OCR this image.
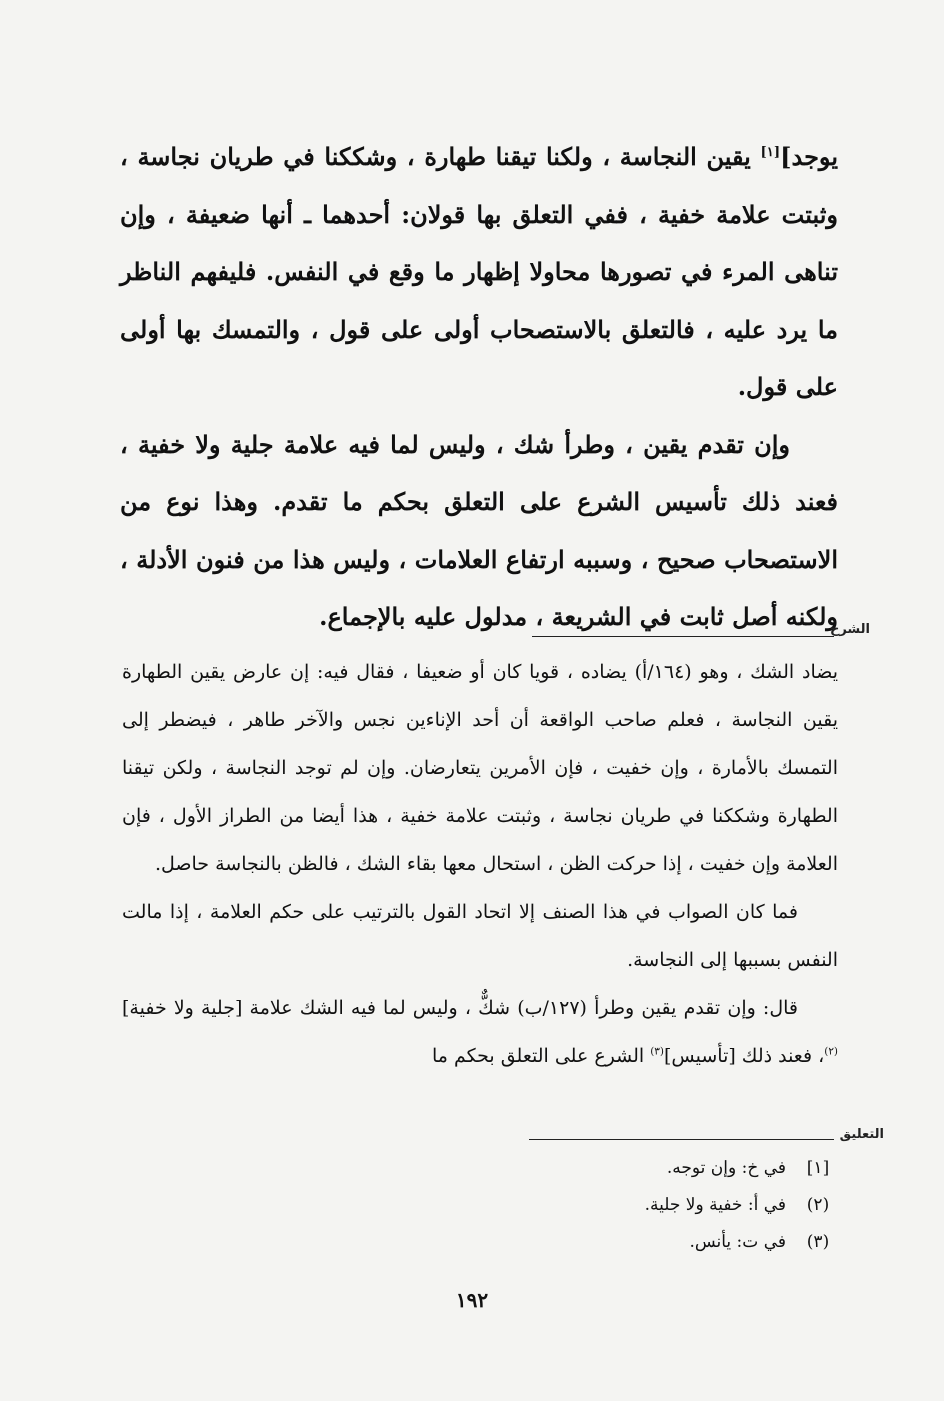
يوجد][١] يقين النجاسة ، ولكنا تيقنا طهارة ، وشككنا في طريان نجاسة ، وثبتت علامة خفية ، ففي التعلق بها قولان: أحدهما ـ أنها ضعيفة ، وإن تناهى المرء في تصورها محاولا إظهار ما وقع في النفس. فليفهم الناظر ما يرد عليه ، فالتعلق بالاستصحاب أولى على قول ، والتمسك بها أولى على قول.

وإن تقدم يقين ، وطرأ شك ، وليس لما فيه علامة جلية ولا خفية ، فعند ذلك تأسيس الشرع على التعلق بحكم ما تقدم. وهذا نوع من الاستصحاب صحيح ، وسببه ارتفاع العلامات ، وليس هذا من فنون الأدلة ، ولكنه أصل ثابت في الشريعة ، مدلول عليه بالإجماع.

الشرح

يضاد الشك ، وهو (١٦٤/أ) يضاده ، قويا كان أو ضعيفا ، فقال فيه: إن عارض يقين الطهارة يقين النجاسة ، فعلم صاحب الواقعة أن أحد الإناءين نجس والآخر طاهر ، فيضطر إلى التمسك بالأمارة ، وإن خفيت ، فإن الأمرين يتعارضان. وإن لم توجد النجاسة ، ولكن تيقنا الطهارة وشككنا في طريان نجاسة ، وثبتت علامة خفية ، هذا أيضا من الطراز الأول ، فإن العلامة وإن خفيت ، إذا حركت الظن ، استحال معها بقاء الشك ، فالظن بالنجاسة حاصل.

فما كان الصواب في هذا الصنف إلا اتحاد القول بالترتيب على حكم العلامة ، إذا مالت النفس بسببها إلى النجاسة.

قال: وإن تقدم يقين وطرأ (١٢٧/ب) شكٌّ ، وليس لما فيه الشك علامة [جلية ولا خفية]$^{(٢)}$، فعند ذلك [تأسيس]$^{(٣)}$ الشرع على التعلق بحكم ما

التعليق
[١]
في خ: وإن توجه.
(٢)
في أ: خفية ولا جلية.
(٣)
في ت: يأنس.
١٩٢
